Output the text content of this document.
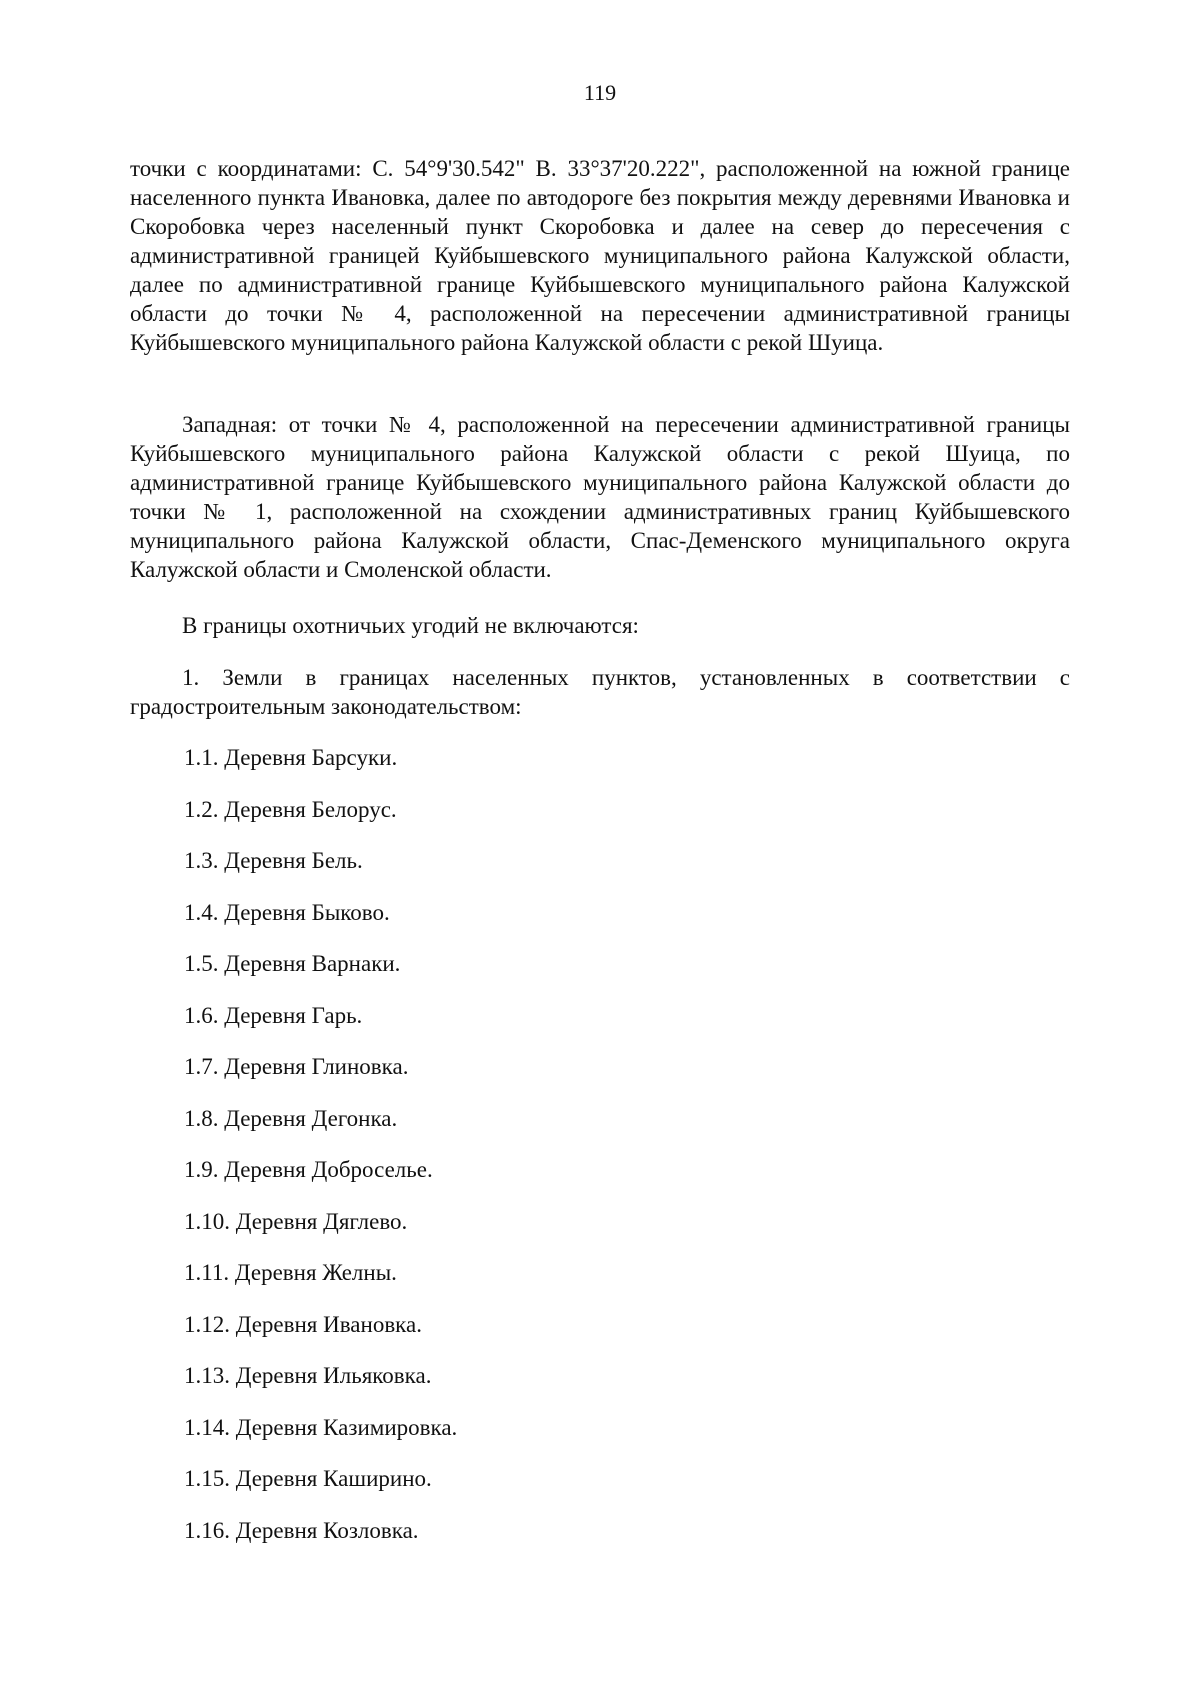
119
точки с координатами: С. 54°9'30.542" В. 33°37'20.222", расположенной на южной границе населенного пункта Ивановка, далее по автодороге без покрытия между деревнями Ивановка и Скоробовка через населенный пункт Скоробовка и далее на север до пересечения с административной границей Куйбышевского муниципального района Калужской области, далее по административной границе Куйбышевского муниципального района Калужской области до точки № 4, расположенной на пересечении административной границы Куйбышевского муниципального района Калужской области с рекой Шуица.
Западная: от точки № 4, расположенной на пересечении административной границы Куйбышевского муниципального района Калужской области с рекой Шуица, по административной границе Куйбышевского муниципального района Калужской области до точки № 1, расположенной на схождении административных границ Куйбышевского муниципального района Калужской области, Спас-Деменского муниципального округа Калужской области и Смоленской области.
В границы охотничьих угодий не включаются:
1. Земли в границах населенных пунктов, установленных в соответствии с градостроительным законодательством:
1.1. Деревня Барсуки.
1.2. Деревня Белорус.
1.3. Деревня Бель.
1.4. Деревня Быково.
1.5. Деревня Варнаки.
1.6. Деревня Гарь.
1.7. Деревня Глиновка.
1.8. Деревня Дегонка.
1.9. Деревня Доброселье.
1.10. Деревня Дяглево.
1.11. Деревня Желны.
1.12. Деревня Ивановка.
1.13. Деревня Ильяковка.
1.14. Деревня Казимировка.
1.15. Деревня Каширино.
1.16. Деревня Козловка.
